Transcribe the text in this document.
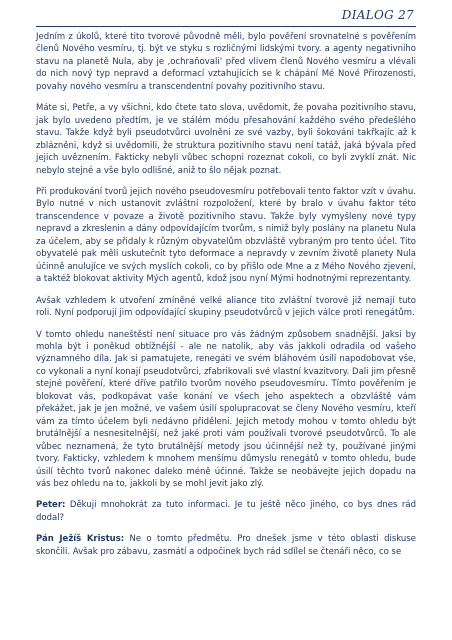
DIALOG 27

Jedním z úkolů, které tito tvorové původně měli, bylo pověření srovnatelné s pověřením členů Nového vesmíru, tj. být ve styku s rozličnými lidskými tvory. a agenty negativního stavu na planetě Nula, aby je ‚ochraňovali‘ před vlivem členů Nového vesmíru a vlévali do nich nový typ nepravd a deformací vztahujících se k chápání Mé Nové Přirozenosti, povahy nového vesmíru a transcendentní povahy pozitivního stavu.

Máte si, Petře, a vy všichni, kdo čtete tato slova, uvědomit, že povaha pozitivního stavu, jak bylo uvedeno předtím, je ve stálém módu přesahování každého svého předešlého stavu. Takže když byli pseudotvůrci uvolněni ze své vazby, byli šokováni takřkajíc až k zblázněni, když si uvědomili, že struktura pozitivního stavu není tatáž, jaká bývala před jejich uvěznením. Fakticky nebyli vůbec schopni rozeznat cokoli, co byli zvyklí znát. Nic nebylo stejné a vše bylo odlišné, aniž to šlo nějak poznat.

Při produkování tvorů jejich nového pseudovesmíru potřebovali tento faktor vzít v úvahu. Bylo nutné v nich ustanovit zvláštní rozpoložení, které by bralo v úvahu faktor této transcendence v povaze a životě pozitivního stavu. Takže byly vymyšleny nové typy nepravd a zkreslenin a dány odpovídajícím tvorům, s nimiž byly poslány na planetu Nula za účelem, aby se přidaly k různým obyvatelům obzvláště vybraným pro tento účel. Tito obyvatelé pak měli uskutečnit tyto deformace a nepravdy v zevním životě planety Nula účinně anulujíce ve svých myslích cokoli, co by přišlo ode Mne a z Mého Nového zjevení, a taktéž blokovat aktivity Mých agentů, kdož jsou nyní Mými hodnotnými reprezentanty.

Avšak vzhledem k utvoření zmíněné velké aliance tito zvláštní tvorové již nemají tuto roli. Nyní podporují jim odpovídající skupiny pseudotvůrců v jejich válce proti renegátům.

V tomto ohledu naneštěstí není situace pro vás žádným způsobem snadnější. Jaksi by mohla být i poněkud obtížnější - ale ne natolik, aby vás jakkoli odradila od vašeho významného díla. Jak si pamatujete, renegáti ve svém bláhovém úsilí napodobovat vše, co vykonali a nyní konají pseudotvůrci, zfabrikovali své vlastní kvazitvory. Dali jim přesně stejné pověření, které dříve patřilo tvorům nového pseudovesmíru. Tímto pověřením je blokovat vás, podkopávat vaše konání ve všech jeho aspektech a obzvláště vám překážet, jak je jen možné, ve vašem úsilí spolupracovat se členy Nového vesmíru, kteří vám za tímto účelem byli nedávno přiděleni. Jejich metody mohou v tomto ohledu být brutálnější a nesnesitelnější, než jaké proti vám používali tvorové pseudotvůrců. To ale vůbec neznamená, že tyto brutálnější metody jsou účinnější než ty, používané jinými tvory. Fakticky, vzhledem k mnohem menšímu důmyslu renegátů v tomto ohledu, bude úsilí těchto tvorů nakonec daleko méně účinné. Takže se neobávejte jejich dopadu na vás bez ohledu na to, jakkoli by se mohl jevit jako zlý.

Peter: Děkuji mnohokrát za tuto informaci. Je tu ještě něco jiného, co bys dnes rád dodal?

Pán Ježíš Kristus: Ne o tomto předmětu. Pro dnešek jsme v této oblasti diskuse skončili. Avšak pro zábavu, zasmátí a odpočinek bych rád sdílel se čtenáři něco, co se
